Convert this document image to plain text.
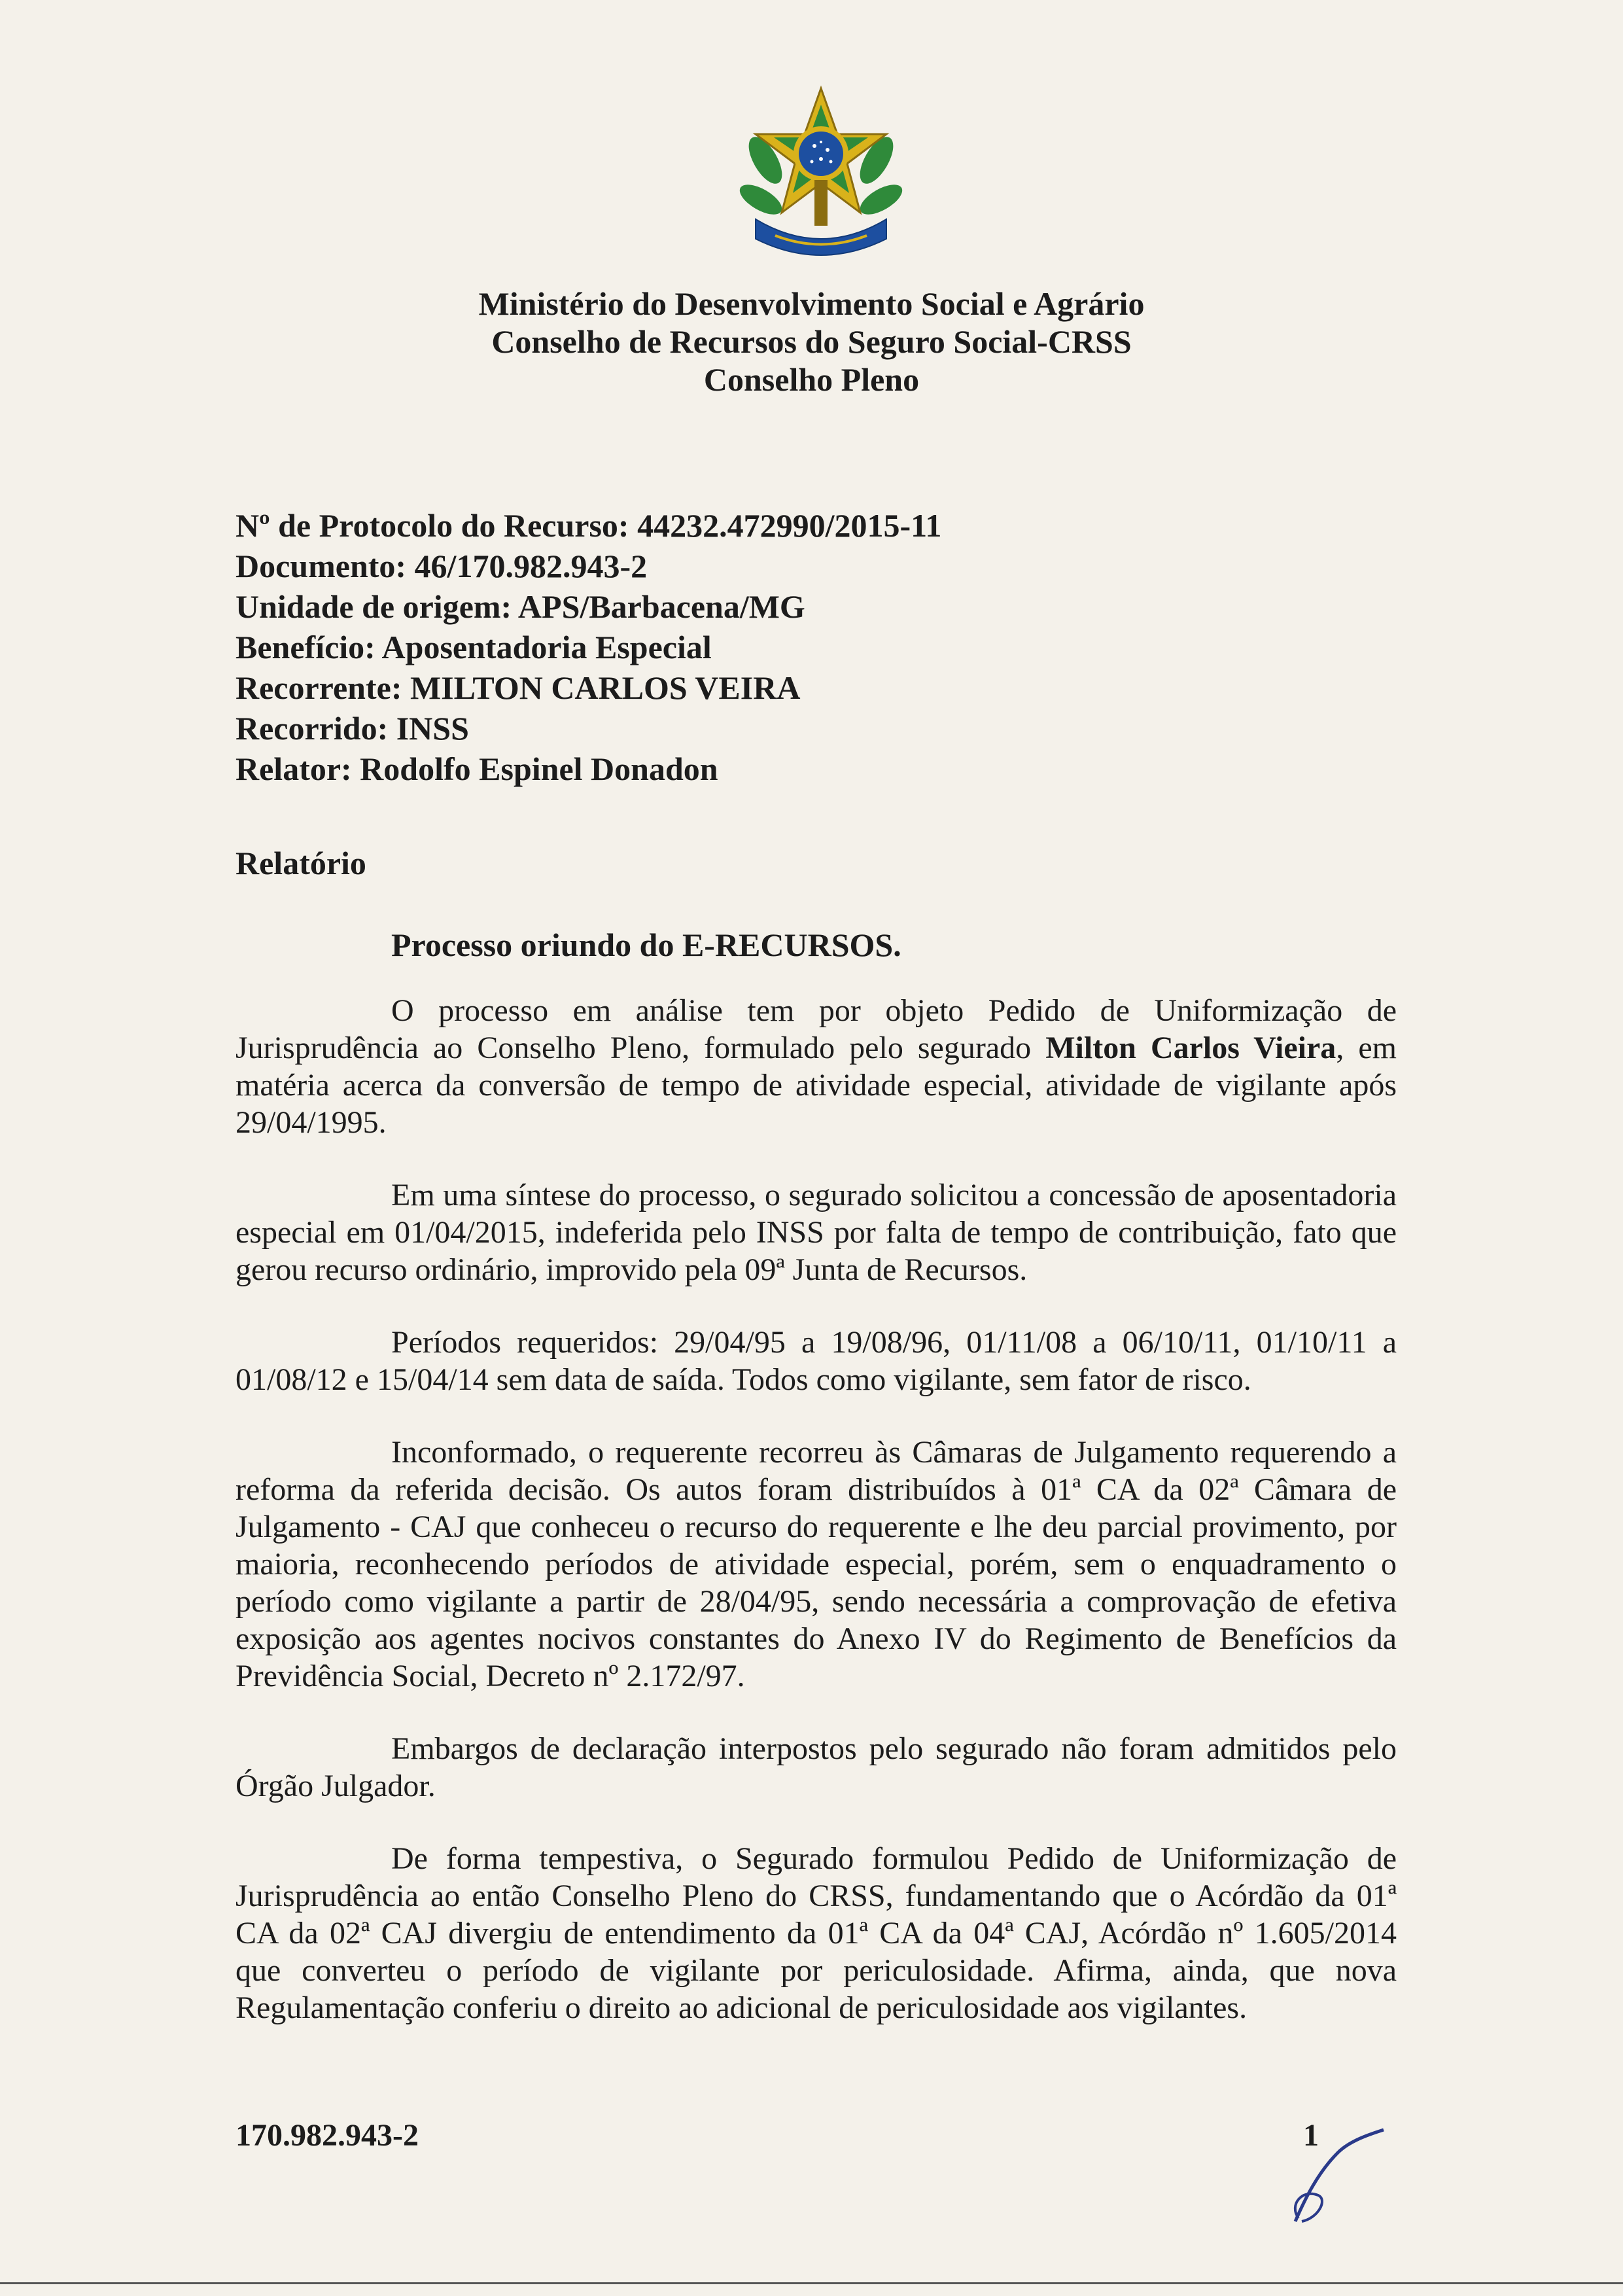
Ministério do Desenvolvimento Social e Agrário
Conselho de Recursos do Seguro Social-CRSS
Conselho Pleno
Nº de Protocolo do Recurso: 44232.472990/2015-11
Documento: 46/170.982.943-2
Unidade de origem: APS/Barbacena/MG
Benefício: Aposentadoria Especial
Recorrente: MILTON CARLOS VEIRA
Recorrido: INSS
Relator: Rodolfo Espinel Donadon
Relatório
Processo oriundo do E-RECURSOS.

O processo em análise tem por objeto Pedido de Uniformização de Jurisprudência ao Conselho Pleno, formulado pelo segurado Milton Carlos Vieira, em matéria acerca da conversão de tempo de atividade especial, atividade de vigilante após 29/04/1995.

Em uma síntese do processo, o segurado solicitou a concessão de aposentadoria especial em 01/04/2015, indeferida pelo INSS por falta de tempo de contribuição, fato que gerou recurso ordinário, improvido pela 09ª Junta de Recursos.

Períodos requeridos: 29/04/95 a 19/08/96, 01/11/08 a 06/10/11, 01/10/11 a 01/08/12 e 15/04/14 sem data de saída. Todos como vigilante, sem fator de risco.

Inconformado, o requerente recorreu às Câmaras de Julgamento requerendo a reforma da referida decisão. Os autos foram distribuídos à 01ª CA da 02ª Câmara de Julgamento - CAJ que conheceu o recurso do requerente e lhe deu parcial provimento, por maioria, reconhecendo períodos de atividade especial, porém, sem o enquadramento o período como vigilante a partir de 28/04/95, sendo necessária a comprovação de efetiva exposição aos agentes nocivos constantes do Anexo IV do Regimento de Benefícios da Previdência Social, Decreto nº 2.172/97.

Embargos de declaração interpostos pelo segurado não foram admitidos pelo Órgão Julgador.

De forma tempestiva, o Segurado formulou Pedido de Uniformização de Jurisprudência ao então Conselho Pleno do CRSS, fundamentando que o Acórdão da 01ª CA da 02ª CAJ divergiu de entendimento da 01ª CA da 04ª CAJ, Acórdão nº 1.605/2014 que converteu o período de vigilante por periculosidade. Afirma, ainda, que nova Regulamentação conferiu o direito ao adicional de periculosidade aos vigilantes.

170.982.943-2	1
